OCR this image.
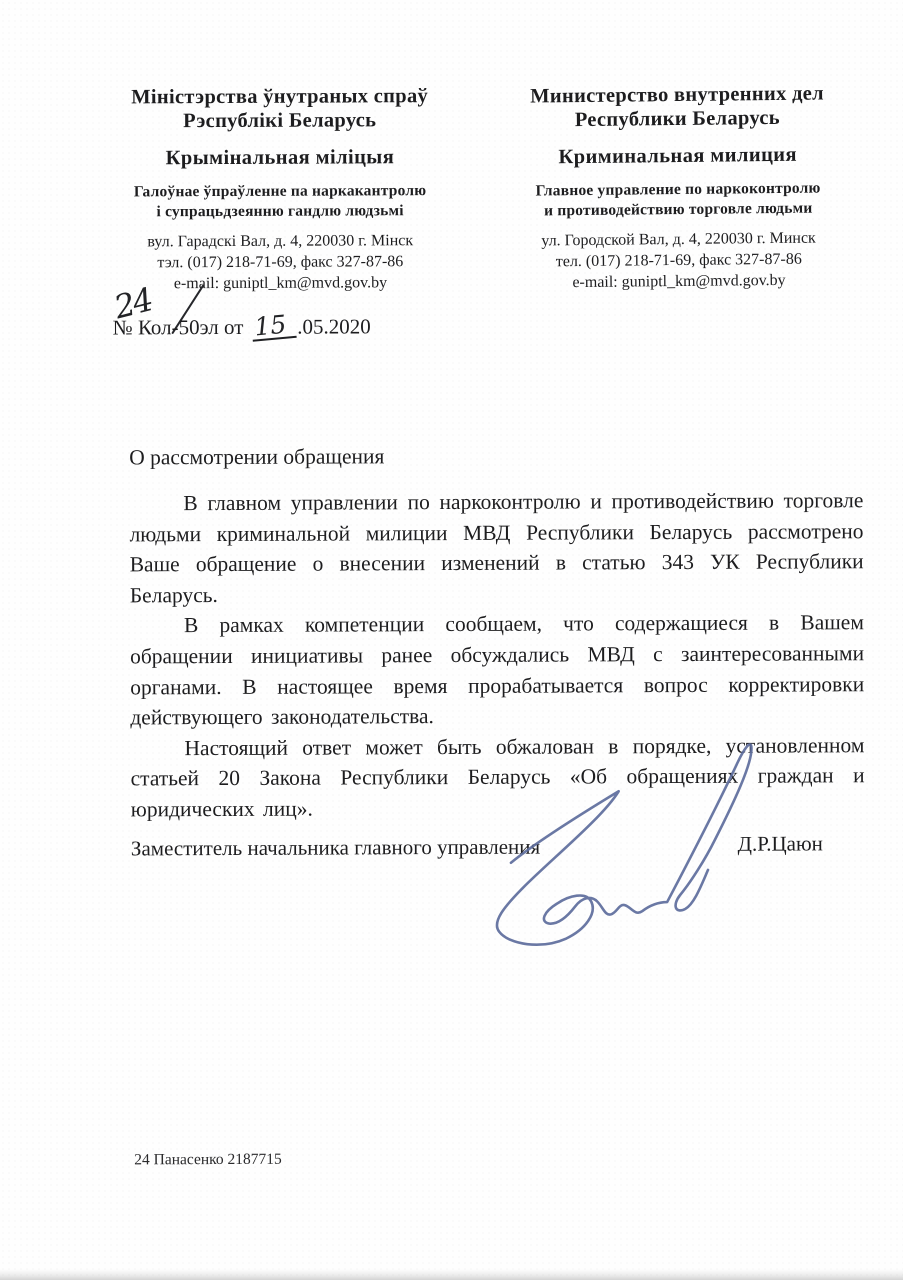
Міністэрства ўнутраных спраў
Рэспублікі Беларусь
Крымінальная міліцыя
Галоўнае ўпраўленне па наркакантролю
і супрацьдзеянню гандлю людзьмі
вул. Гарадскі Вал, д. 4, 220030 г. Мінск
тэл. (017) 218-71-69, факс 327-87-86
e-mail: guniptl_km@mvd.gov.by
Министерство внутренних дел
Республики Беларусь
Криминальная милиция
Главное управление по наркоконтролю
и противодействию торговле людьми
ул. Городской Вал, д. 4, 220030 г. Минск
тел. (017) 218-71-69, факс 327-87-86
e-mail: guniptl_km@mvd.gov.by
24
№ Кол-50эл от 15 .05.2020
О рассмотрении обращения

В главном управлении по наркоконтролю и противодействию торговле людьми криминальной милиции МВД Республики Беларусь рассмотрено Ваше обращение о внесении изменений в статью 343 УК Республики Беларусь.

В рамках компетенции сообщаем, что содержащиеся в Вашем обращении инициативы ранее обсуждались МВД с заинтересованными органами. В настоящее время прорабатывается вопрос корректировки действующего законодательства.

Настоящий ответ может быть обжалован в порядке, установленном статьей 20 Закона Республики Беларусь «Об обращениях граждан и юридических лиц».

Заместитель начальника главного управления	Д.Р.Цаюн
24 Панасенко 2187715
